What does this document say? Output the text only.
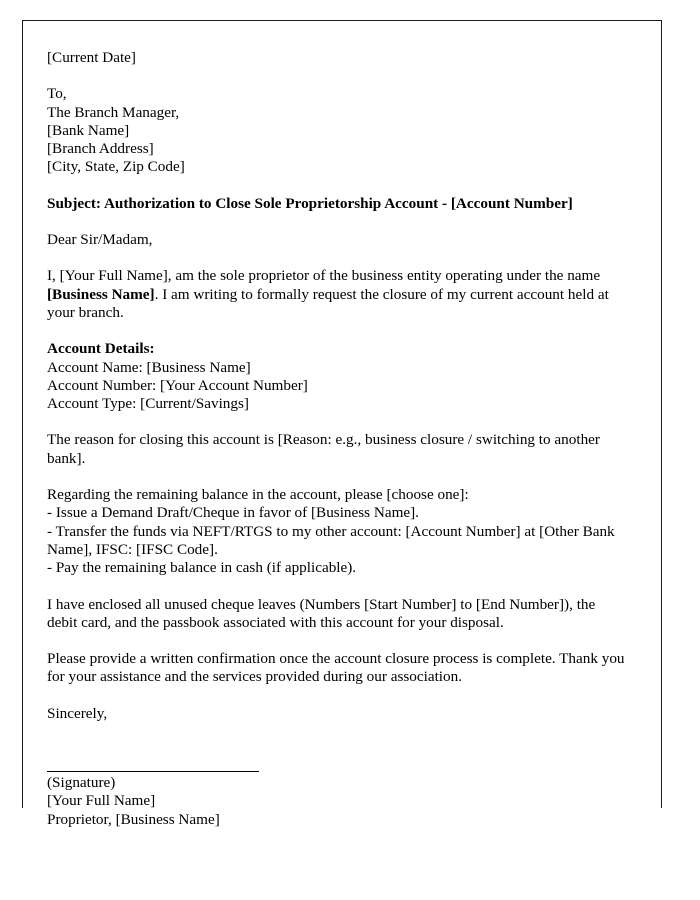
[Current Date]
To,
The Branch Manager,
[Bank Name]
[Branch Address]
[City, State, Zip Code]
Subject: Authorization to Close Sole Proprietorship Account - [Account Number]
Dear Sir/Madam,

I, [Your Full Name], am the sole proprietor of the business entity operating under the name [Business Name]. I am writing to formally request the closure of my current account held at your branch.

Account Details:
Account Name: [Business Name]
Account Number: [Your Account Number]
Account Type: [Current/Savings]

The reason for closing this account is [Reason: e.g., business closure / switching to another bank].

Regarding the remaining balance in the account, please [choose one]:

- Issue a Demand Draft/Cheque in favor of [Business Name].

- Transfer the funds via NEFT/RTGS to my other account: [Account Number] at [Other Bank Name], IFSC: [IFSC Code].

- Pay the remaining balance in cash (if applicable).

I have enclosed all unused cheque leaves (Numbers [Start Number] to [End Number]), the debit card, and the passbook associated with this account for your disposal.

Please provide a written confirmation once the account closure process is complete. Thank you for your assistance and the services provided during our association.

Sincerely,
(Signature)
[Your Full Name]
Proprietor, [Business Name]
